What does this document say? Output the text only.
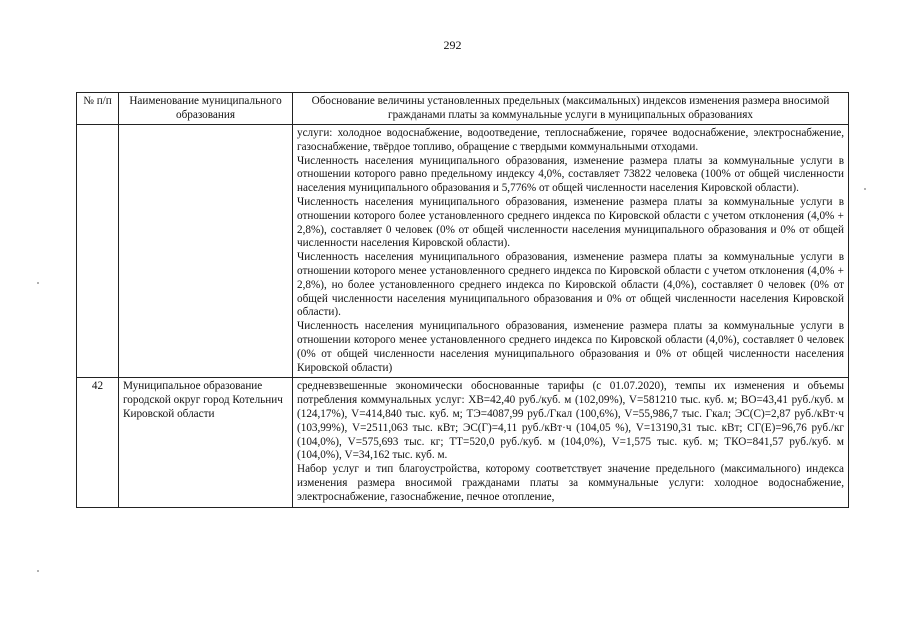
292
№ п/п	Наименование муниципального образования	Обоснование величины установленных предельных (максимальных) индексов изменения размера вносимой гражданами платы за коммунальные услуги в муниципальных образованиях

		услуги: холодное водоснабжение, водоотведение, теплоснабжение, горячее водоснабжение, электроснабжение, газоснабжение, твёрдое топливо, обращение с твердыми коммунальными отходами.

Численность населения муниципального образования, изменение размера платы за коммунальные услуги в отношении которого равно предельному индексу 4,0%, составляет 73822 человека (100% от общей численности населения муниципального образования и 5,776% от общей численности населения Кировской области).

Численность населения муниципального образования, изменение размера платы за коммунальные услуги в отношении которого более установленного среднего индекса по Кировской области с учетом отклонения (4,0% + 2,8%), составляет 0 человек (0% от общей численности населения муниципального образования и 0% от общей численности населения Кировской области).

Численность населения муниципального образования, изменение размера платы за коммунальные услуги в отношении которого менее установленного среднего индекса по Кировской области с учетом отклонения (4,0% + 2,8%), но более установленного среднего индекса по Кировской области (4,0%), составляет 0 человек (0% от общей численности населения муниципального образования и 0% от общей численности населения Кировской области).

Численность населения муниципального образования, изменение размера платы за коммунальные услуги в отношении которого менее установленного среднего индекса по Кировской области (4,0%), составляет 0 человек (0% от общей численности населения муниципального образования и 0% от общей численности населения Кировской области)

42	Муниципальное образование городской округ город Котельнич Кировской области	средневзвешенные экономически обоснованные тарифы (с 01.07.2020), темпы их изменения и объемы потребления коммунальных услуг: ХВ=42,40 руб./куб. м (102,09%), V=581210 тыс. куб. м; ВО=43,41 руб./куб. м (124,17%), V=414,840 тыс. куб. м; ТЭ=4087,99 руб./Гкал (100,6%), V=55,986,7 тыс. Гкал; ЭС(С)=2,87 руб./кВт·ч (103,99%), V=2511,063 тыс. кВт; ЭС(Г)=4,11 руб./кВт·ч (104,05 %), V=13190,31 тыс. кВт; СГ(Е)=96,76 руб./кг (104,0%), V=575,693 тыс. кг; ТТ=520,0 руб./куб. м (104,0%), V=1,575 тыс. куб. м; ТКО=841,57 руб./куб. м (104,0%), V=34,162 тыс. куб. м.

Набор услуг и тип благоустройства, которому соответствует значение предельного (максимального) индекса изменения размера вносимой гражданами платы за коммунальные услуги: холодное водоснабжение, электроснабжение, газоснабжение, печное отопление,
